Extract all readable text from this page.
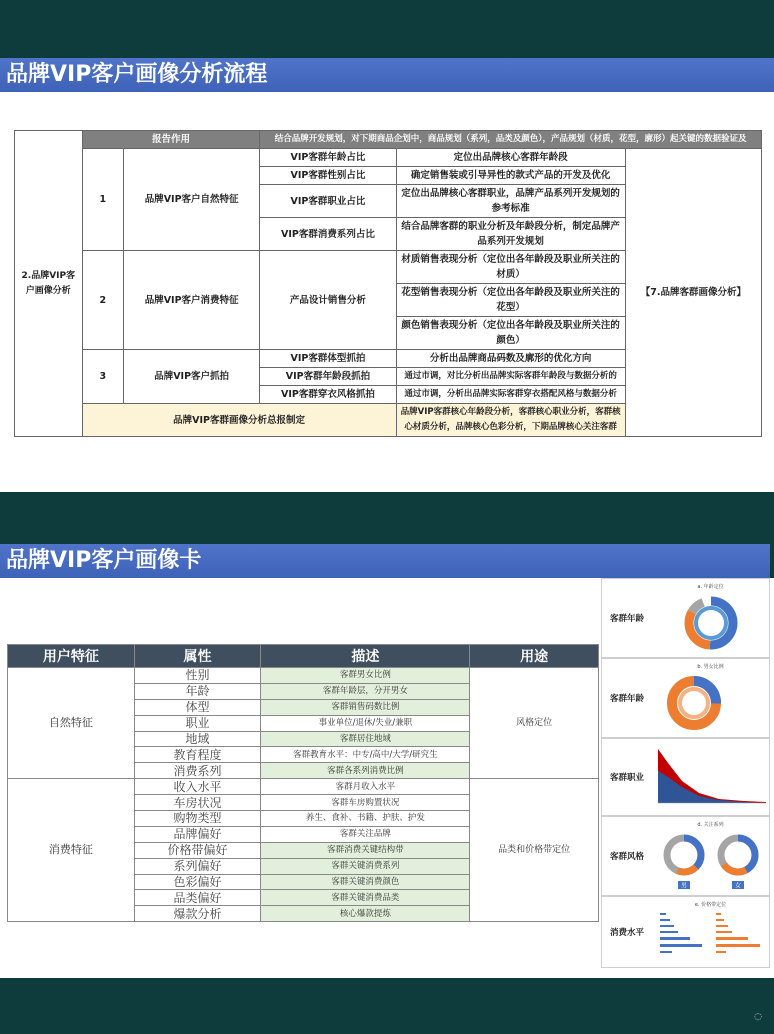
品牌VIP客户画像分析流程
2.品牌VIP客户画像分析	报告作用		结合品牌开发规划，对下期商品企划中，商品规划（系列，品类及颜色），产品规划（材质，花型，廓形）起关键的数据验证及		
	1	品牌VIP客户自然特征	VIP客群年龄占比	定位出品牌核心客群年龄段	【7.品牌客群画像分析】
			VIP客群性别占比	确定销售装或引导异性的款式产品的开发及优化	
			VIP客群职业占比	定位出品牌核心客群职业，品牌产品系列开发规划的参考标准	
			VIP客群消费系列占比	结合品牌客群的职业分析及年龄段分析，制定品牌产品系列开发规划	
	2	品牌VIP客户消费特征	产品设计销售分析	材质销售表现分析（定位出各年龄段及职业所关注的材质）	
				花型销售表现分析（定位出各年龄段及职业所关注的花型）	
				颜色销售表现分析（定位出各年龄段及职业所关注的颜色）	
	3	品牌VIP客户抓拍	VIP客群体型抓拍	分析出品牌商品码数及廓形的优化方向	
			VIP客群年龄段抓拍	通过市调，对比分析出品牌实际客群年龄段与数据分析的	
			VIP客群穿衣风格抓拍	通过市调，分析出品牌实际客群穿衣搭配风格与数据分析	
	品牌VIP客群画像分析总报制定			品牌VIP客群核心年龄段分析，客群核心职业分析，客群核心材质分析，品牌核心色彩分析，下期品牌核心关注客群	
品牌VIP客户画像卡
用户特征	属性	描述	用途
自然特征	性别	客群男女比例	风格定位
	年龄	客群年龄层，分开男女	
	体型	客群销售码数比例	
	职业	事业单位/退休/失业/兼职	
	地域	客群居住地域	
	教育程度	客群教育水平：中专/高中/大学/研究生	
	消费系列	客群各系列消费比例	
消费特征	收入水平	客群月收入水平	品类和价格带定位
	车房状况	客群车房购置状况	
	购物类型	养生、食补、书籍、护肤、护发	
	品牌偏好	客群关注品牌	
	价格带偏好	客群消费关键结构带	
	系列偏好	客群关键消费系列	
	色彩偏好	客群关键消费颜色	
	品类偏好	客群关键消费品类	
	爆款分析	核心爆款提炼	
客群年龄
a. 年龄定位
客群年龄
b. 男女比例
客群职业
客群风格
d. 关注系列
男	女
消费水平
e. 价格带定位
◌
